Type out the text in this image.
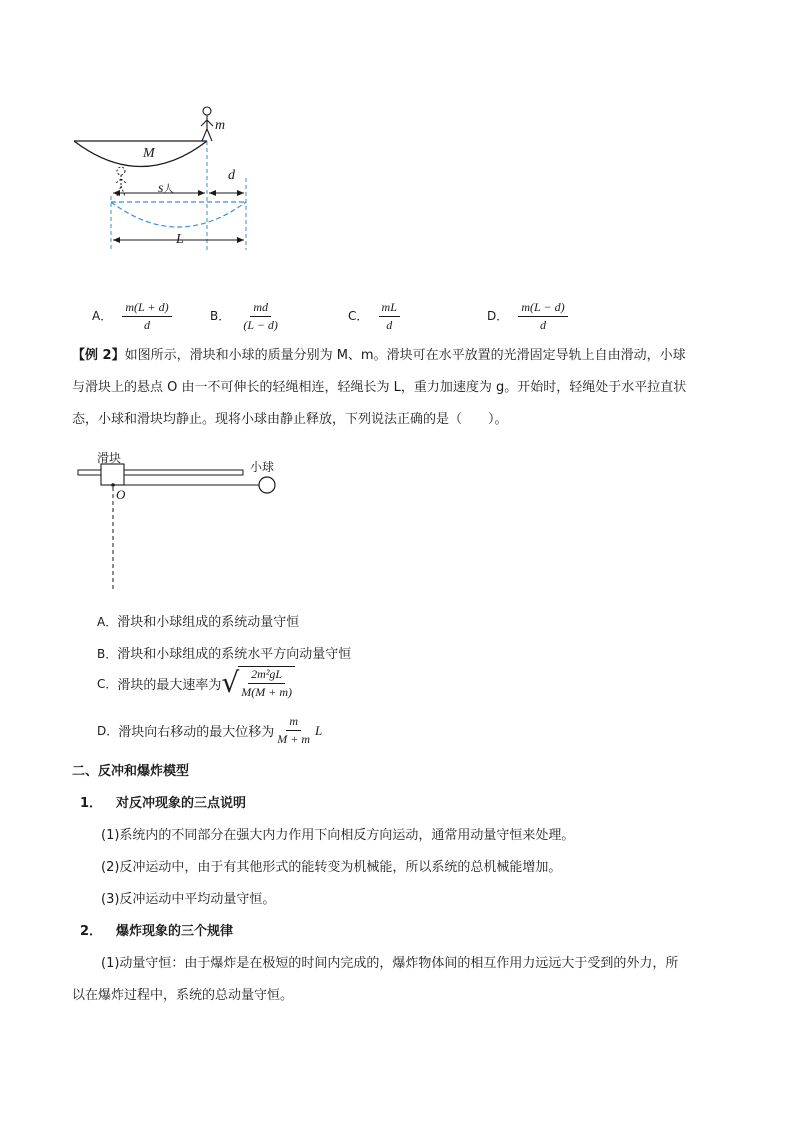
m
M
s人
d
L
A． $\frac{m(L + d)}{d}$	B． $\frac{md}{(L - d)}$	C． $\frac{mL}{d}$	D． $\frac{m(L - d)}{d}$
【例 2】如图所示，滑块和小球的质量分别为 M、m。滑块可在水平放置的光滑固定导轨上自由滑动，小球
与滑块上的悬点 O 由一不可伸长的轻绳相连，轻绳长为 L，重力加速度为 g。开始时，轻绳处于水平拉直状
态，小球和滑块均静止。现将小球由静止释放，下列说法正确的是（　　）。
滑块
小球
O
A．滑块和小球组成的系统动量守恒
B．滑块和小球组成的系统水平方向动量守恒
C． 滑块的最大速率为 √ $\frac{\text{2m²gL}}{M(M + m)}$
D． 滑块向右移动的最大位移为 $\frac{m}{M + m}$ L
二、反冲和爆炸模型
1． 对反冲现象的三点说明
(1)系统内的不同部分在强大内力作用下向相反方向运动，通常用动量守恒来处理。
(2)反冲运动中，由于有其他形式的能转变为机械能，所以系统的总机械能增加。
(3)反冲运动中平均动量守恒。
2． 爆炸现象的三个规律
(1)动量守恒：由于爆炸是在极短的时间内完成的，爆炸物体间的相互作用力远远大于受到的外力，所
以在爆炸过程中，系统的总动量守恒。
